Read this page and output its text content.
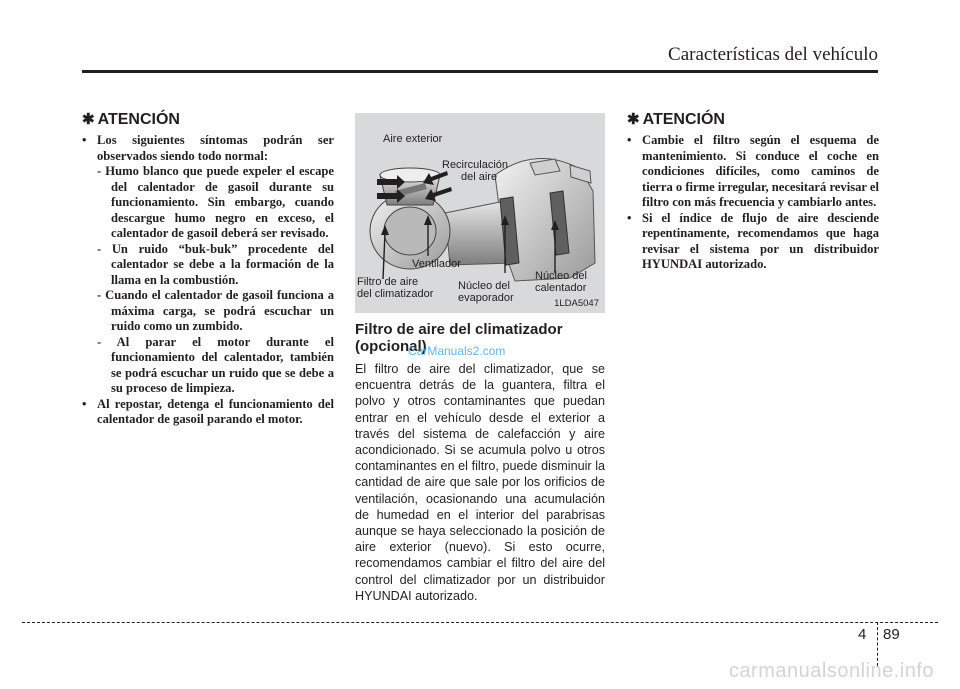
Características del vehículo
✱ ATENCIÓN
• Los siguientes síntomas podrán ser observados siendo todo normal:
- Humo blanco que puede expeler el escape del calentador de gasoil durante su funcionamiento. Sin embargo, cuando descargue humo negro en exceso, el calentador de gasoil deberá ser revisado.
- Un ruido “buk-buk” procedente del calentador se debe a la formación de la llama en la combustión.
- Cuando el calentador de gasoil funciona a máxima carga, se podrá escuchar un ruido como un zumbido.
- Al parar el motor durante el funcionamiento del calentador, también se podrá escuchar un ruido que se debe a su proceso de limpieza.
• Al repostar, detenga el funcionamiento del calentador de gasoil parando el motor.
Aire exterior
Recirculación
del aire
Ventilador
Filtro de aire
del climatizador
Núcleo del
evaporador
Núcleo del
calentador
1LDA5047
Filtro de aire del climatizador (opcional)

El filtro de aire del climatizador, que se encuentra detrás de la guantera, filtra el polvo y otros contaminantes que puedan entrar en el vehículo desde el exterior a través del sistema de calefacción y aire acondicionado. Si se acumula polvo u otros contaminantes en el filtro, puede disminuir la cantidad de aire que sale por los orificios de ventilación, ocasionando una acumulación de humedad en el interior del parabrisas aunque se haya seleccionado la posición de aire exterior (nuevo). Si esto ocurre, recomendamos cambiar el filtro del aire del control del climatizador por un distribuidor HYUNDAI autorizado.

CarManuals2.com
✱ ATENCIÓN
• Cambie el filtro según el esquema de mantenimiento. Si conduce el coche en condiciones difíciles, como caminos de tierra o firme irregular, necesitará revisar el filtro con más frecuencia y cambiarlo antes.
• Si el índice de flujo de aire desciende repentinamente, recomendamos que haga revisar el sistema por un distribuidor HYUNDAI autorizado.
4 89
carmanualsonline.info
